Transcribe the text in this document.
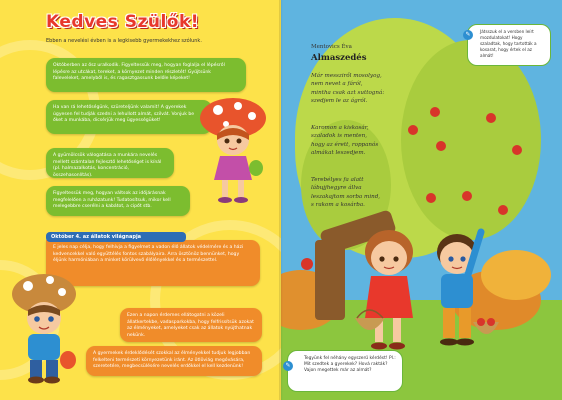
Kedves Szülők!
Ebben a nevelési évben is a legkisebb gyermekekhez szólunk.
Októberben az ősz uralkodik. Figyeltessük meg, hogyan foglalja el lépésről lépésre az utcákat, tereket, a környezet minden részletét! Gyűjtsünk faleveleket, amelyből is, és ragasztgassunk belőle képeket!
Ha van rá lehetőségünk, szüreteljünk valamit! A gyerekek úgyesen fel tudják szedni a lehullott almát, szilvát. Vonjuk be őket a munkába, dicsérjük meg ügyességüket!
A gyümölcsök válogatása a munkára nevelés mellett számtalan fejlesztő lehetőséget is kínál (pl. halmazalkotás, koncentráció, összehasonlítás).
Figyeltessük meg, hogyan váltsok az időjárásnak megfelelően a ruházatunk! Tudatosítsuk, mikor kell melegebbre cserélni a kabátot, a cipőt stb.
E jeles nap célja, hogy felhívja a figyelmet a vadon élő állatok védelmére és a házi kedvencekkel való együttélés fontos szabályaira. Arra ösztönöz bennünket, hogy éljünk harmóniában a minket körülvevő élőlényekkel és a természettel.
Október 4. az állatok világnapja
Ezen a napon érdemes ellátogatni a közeli állatkertekbe, vadasparkokba, hogy felfrissítsük azokat az élményeket, amelyeket csak az állatok nyújthatnak nekünk.
A gyermekek érdeklődését szokkal az élményekkel tudjuk legjobban felkelteni természeti környezetünk iránt. Az ötlöviág megóvására, szeretetére, megbecsülésére nevelés erdőkkel el kell kezdenünk!
Mentovics Éva
Almaszedés
Már messziről mosolyog,
nem nevet a fáról,
mintha csak azt suttogná:
szedjem le az ágról.
Karomon a kiskosár,
szaladok is menten,
hogy az érett, roppanós
almákat leszedjem.
Terebélyes fa alatt
lábujjhegyre állva
leszakajtom sorba mind,
s rakom a kosárba.
✎	Játsszuk el a versben leírt mozdulatokat! Hogy szaladtak, hogy tartották a kosarat, hogy értek el az almát!
✎
Tegyünk fel néhány egyszerű kérdést! Pl.: Mit szedtek a gyerekek? Hová rakták? Vajon megettek már az almát?
